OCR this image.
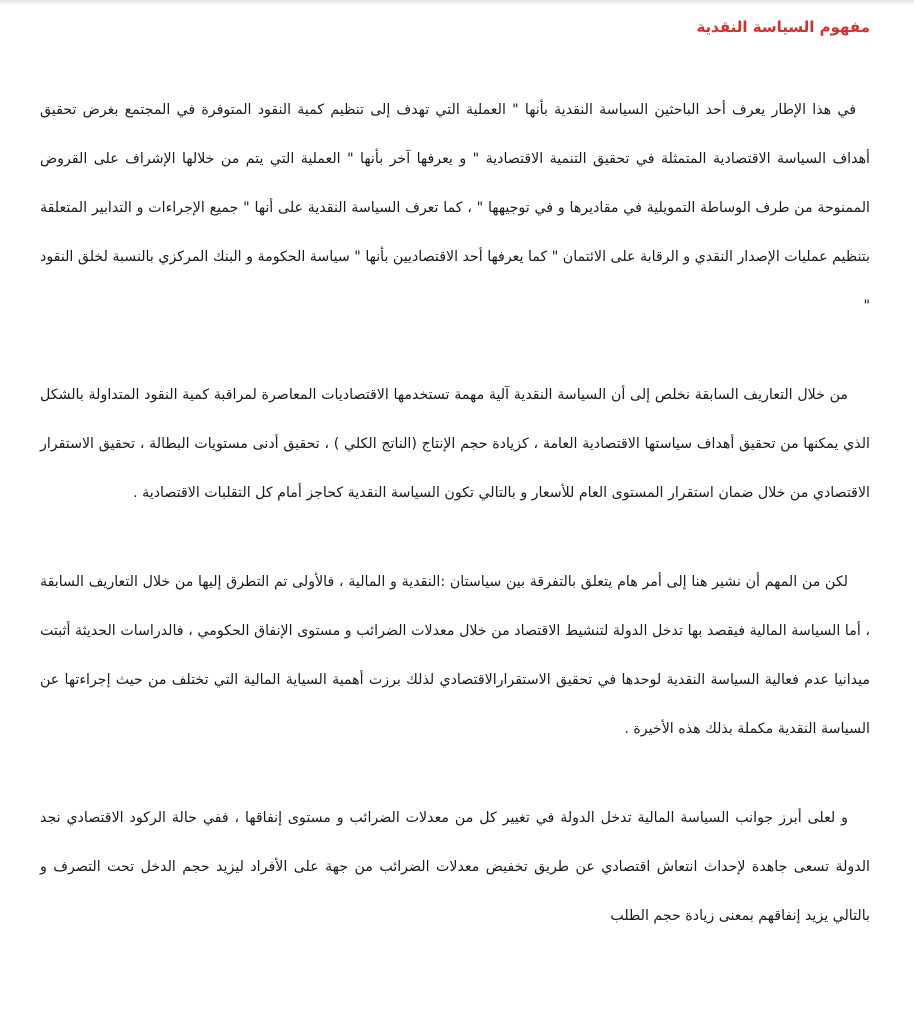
مفهوم السياسة النقدية

في هذا الإطار يعرف أحد الباحثين السياسة النقدية بأنها " العملية التي تهدف إلى تنظيم كمية النقود المتوفرة في المجتمع بغرض تحقيق أهداف السياسة الاقتصادية المتمثلة في تحقيق التنمية الاقتصادية " و يعرفها آخر بأنها " العملية التي يتم من خلالها الإشراف على القروض الممنوحة من طرف الوساطة التمويلية في مقاديرها و في توجيهها " ، كما تعرف السياسة النقدية على أنها " جميع الإجراءات و التدابير المتعلقة بتنظيم عمليات الإصدار النقدي و الرقابة على الائتمان " كما يعرفها أحد الاقتصاديين بأنها " سياسة الحكومة و البنك المركزي بالنسبة لخلق النقود "

من خلال التعاريف السابقة نخلص إلى أن السياسة النقدية آلية مهمة تستخدمها الاقتصاديات المعاصرة لمراقبة كمية النقود المتداولة بالشكل الذي يمكنها من تحقيق أهداف سياستها الاقتصادية العامة ، كزيادة حجم الإنتاج (الناتج الكلي ) ، تحقيق أدنى مستويات البطالة ، تحقيق الاستقرار الاقتصادي من خلال ضمان استقرار المستوى العام للأسعار و بالتالي تكون السياسة النقدية كحاجز أمام كل التقلبات الاقتصادية .

لكن من المهم أن نشير هنا إلى أمر هام يتعلق بالتفرقة بين سياستان :النقدية و المالية ، فالأولى تم التطرق إليها من خلال التعاريف السابقة ، أما السياسة المالية فيقصد بها تدخل الدولة لتنشيط الاقتصاد من خلال معدلات الضرائب و مستوى الإنفاق الحكومي ، فالدراسات الحديثة أثبتت ميدانيا عدم فعالية السياسة النقدية لوحدها في تحقيق الاستقرارالاقتصادي لذلك برزت أهمية السياية المالية التي تختلف من حيث إجراءتها عن السياسة النقدية مكملة بذلك هذه الأخيرة .

و لعلى أبرز جوانب السياسة المالية تدخل الدولة في تغيير كل من معدلات الضرائب و مستوى إنفاقها ، ففي حالة الركود الاقتصادي نجد الدولة تسعى جاهدة لإحداث انتعاش اقتصادي عن طريق تخفيض معدلات الضرائب من جهة على الأفراد ليزيد حجم الدخل تحت التصرف و بالتالي يزيد إنفاقهم بمعنى زيادة حجم الطلب
